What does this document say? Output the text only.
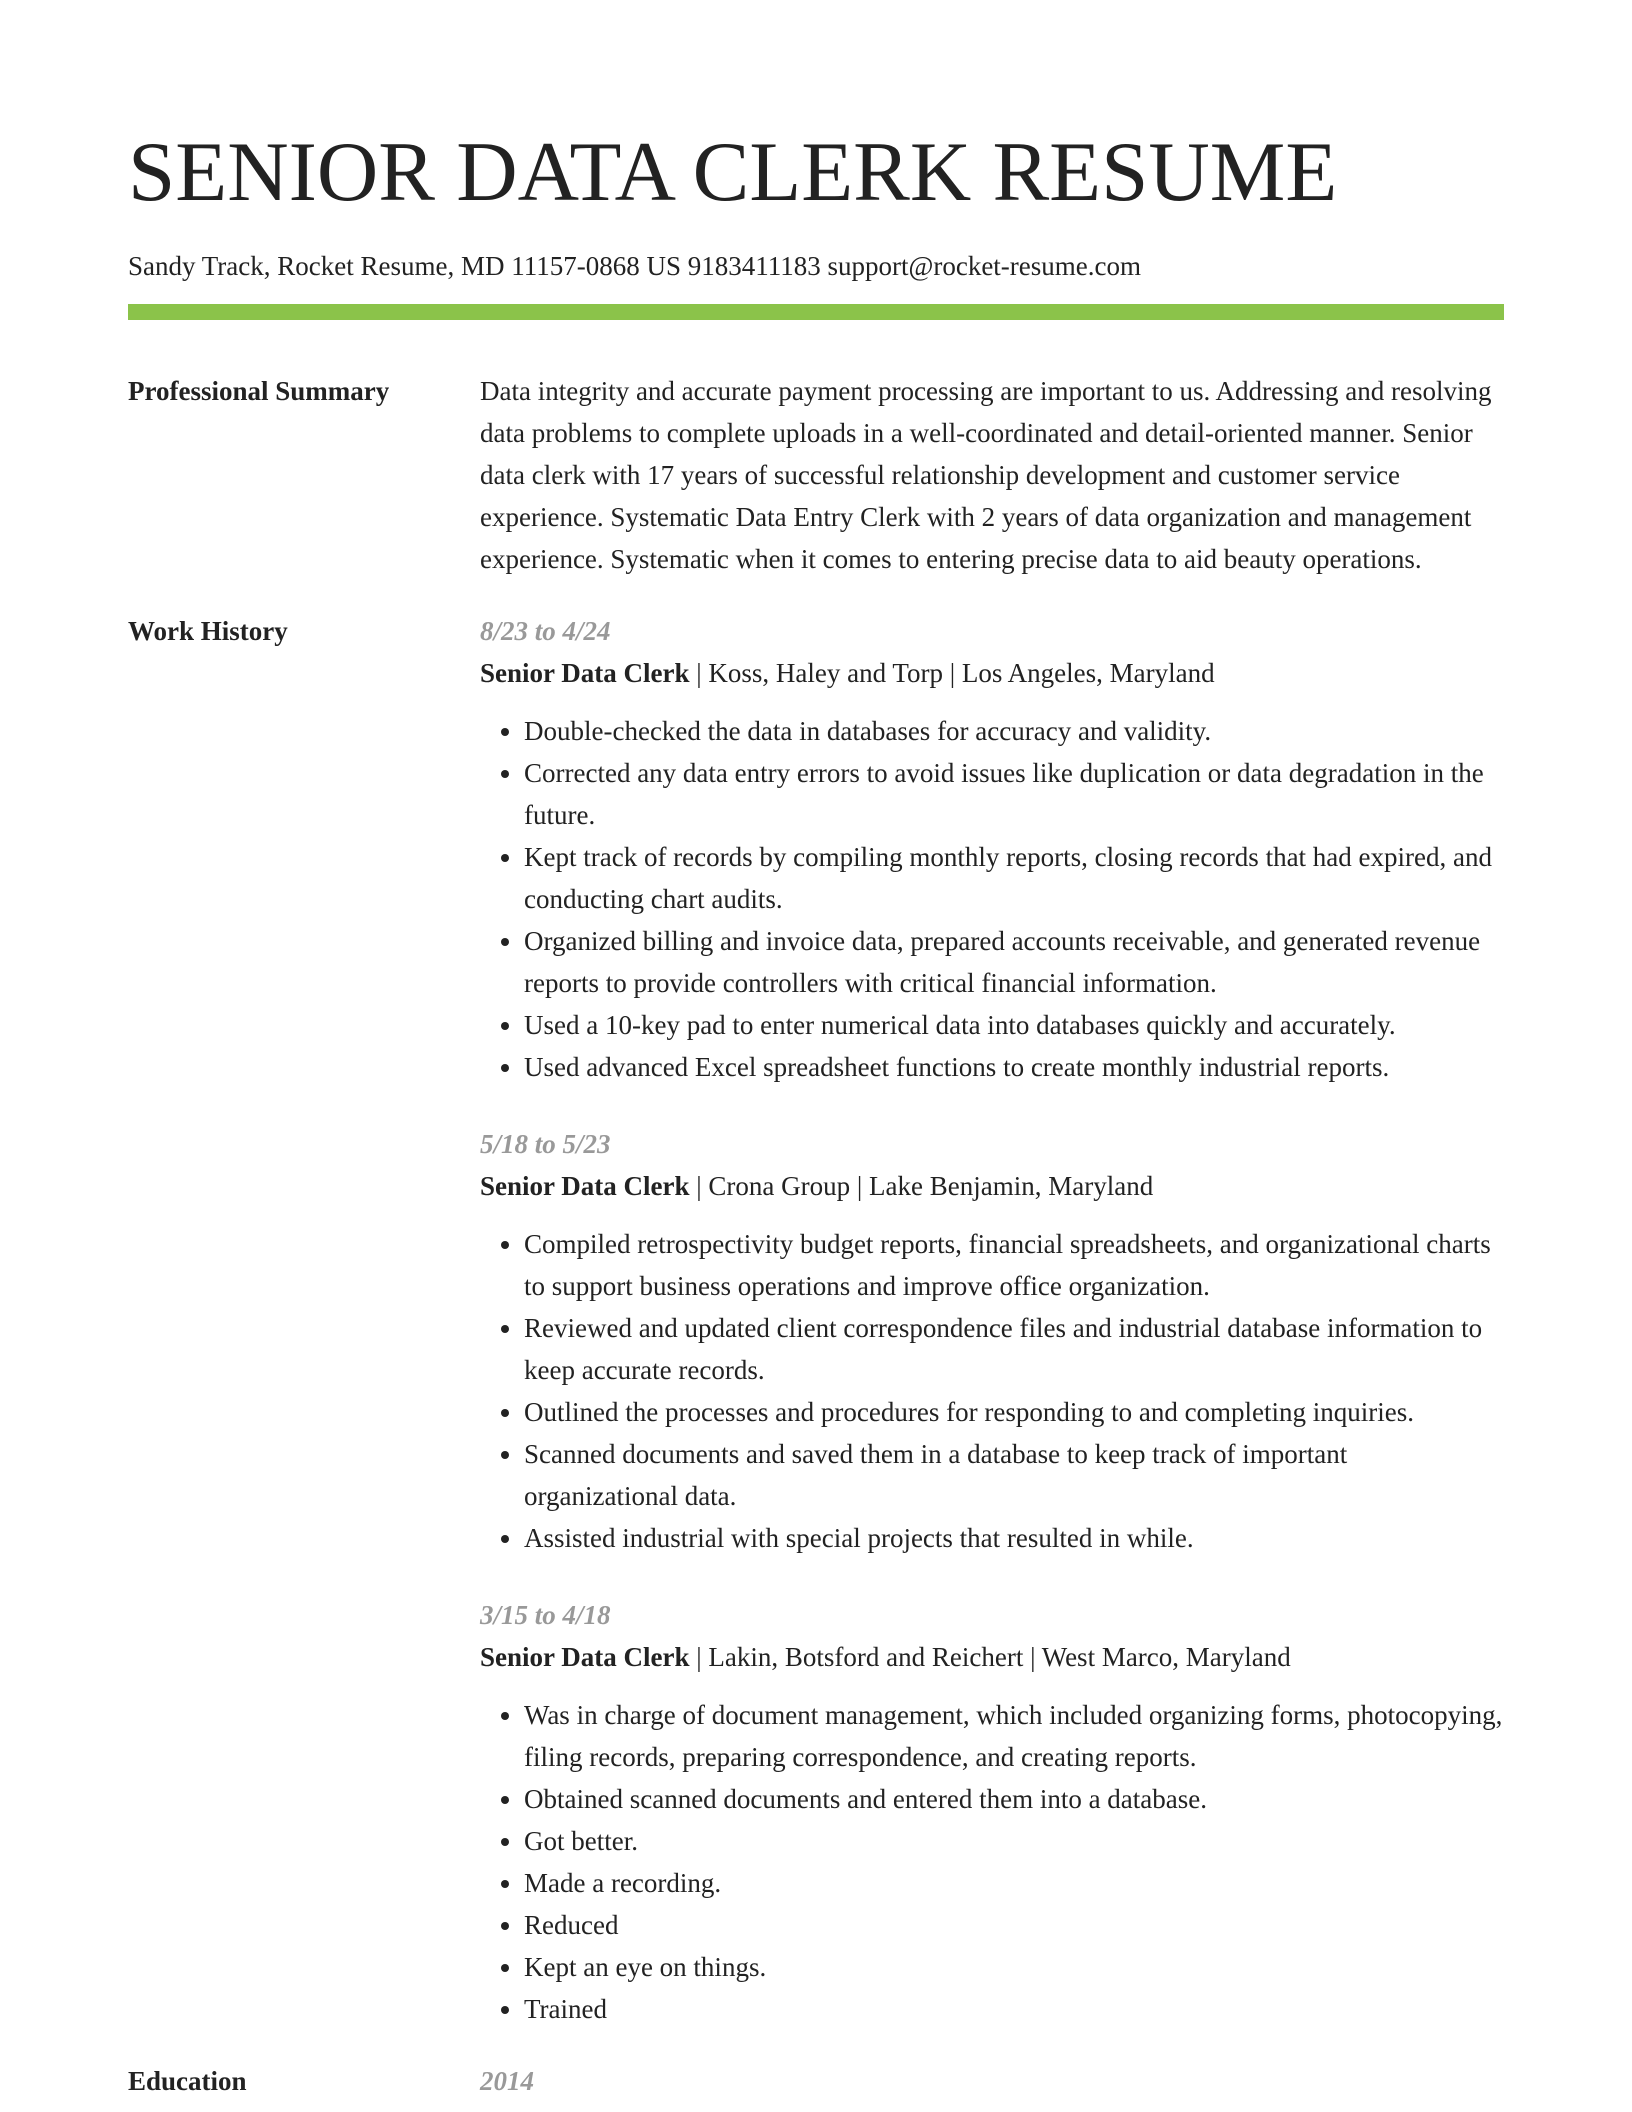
SENIOR DATA CLERK RESUME
Sandy Track, Rocket Resume, MD 11157-0868 US 9183411183 support@rocket-resume.com
Professional Summary	Data integrity and accurate payment processing are important to us. Addressing and resolving data problems to complete uploads in a well-coordinated and detail-oriented manner. Senior data clerk with 17 years of successful relationship development and customer service experience. Systematic Data Entry Clerk with 2 years of data organization and management experience. Systematic when it comes to entering precise data to aid beauty operations.

Work History	8/23 to 4/24
Senior Data Clerk | Koss, Haley and Torp | Los Angeles, Maryland
• Double-checked the data in databases for accuracy and validity.
• Corrected any data entry errors to avoid issues like duplication or data degradation in the future.
• Kept track of records by compiling monthly reports, closing records that had expired, and conducting chart audits.
• Organized billing and invoice data, prepared accounts receivable, and generated revenue reports to provide controllers with critical financial information.
• Used a 10-key pad to enter numerical data into databases quickly and accurately.
• Used advanced Excel spreadsheet functions to create monthly industrial reports.
5/18 to 5/23
Senior Data Clerk | Crona Group | Lake Benjamin, Maryland
• Compiled retrospectivity budget reports, financial spreadsheets, and organizational charts to support business operations and improve office organization.
• Reviewed and updated client correspondence files and industrial database information to keep accurate records.
• Outlined the processes and procedures for responding to and completing inquiries.
• Scanned documents and saved them in a database to keep track of important organizational data.
• Assisted industrial with special projects that resulted in while.
3/15 to 4/18
Senior Data Clerk | Lakin, Botsford and Reichert | West Marco, Maryland
• Was in charge of document management, which included organizing forms, photocopying, filing records, preparing correspondence, and creating reports.
• Obtained scanned documents and entered them into a database.
• Got better.
• Made a recording.
• Reduced
• Kept an eye on things.
• Trained
Education	2014
